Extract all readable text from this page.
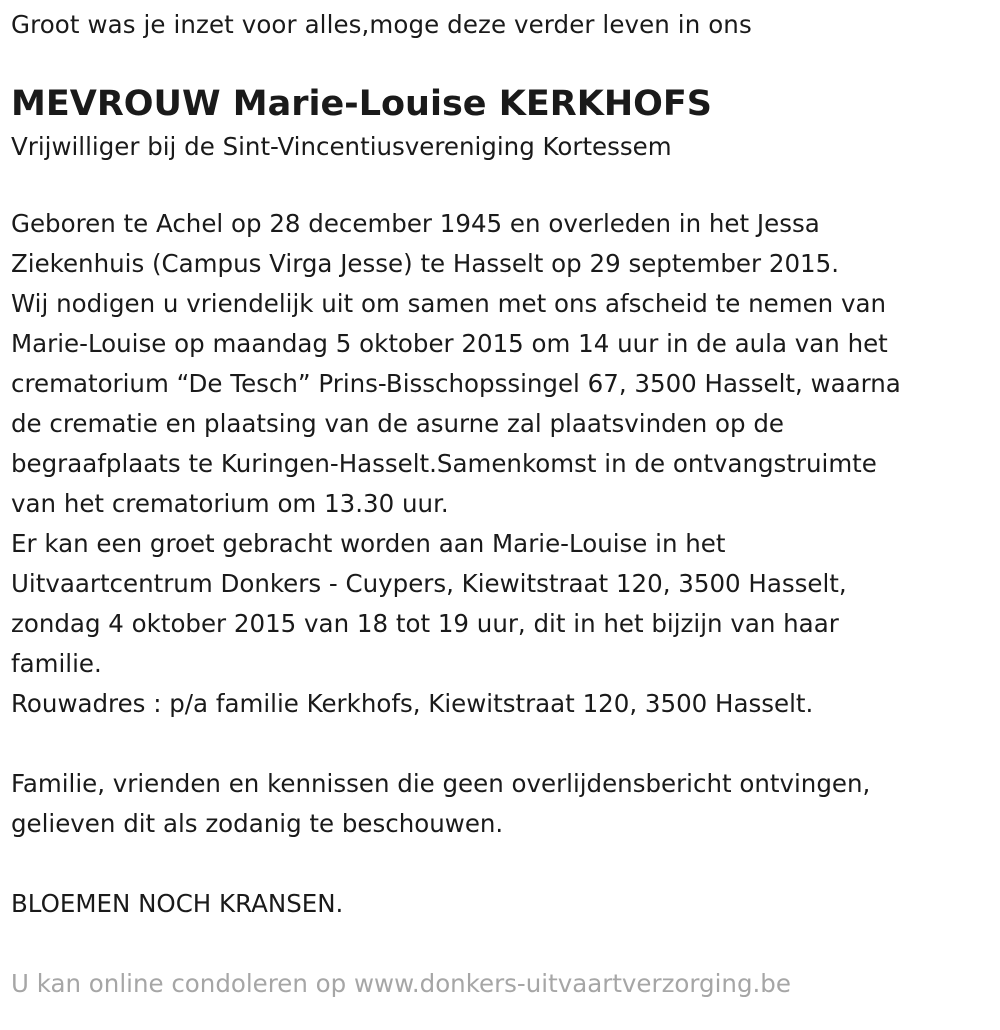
Groot was je inzet voor alles,moge deze verder leven in ons

MEVROUW Marie-Louise KERKHOFS

Vrijwilliger bij de Sint-Vincentiusvereniging Kortessem

Geboren te Achel op 28 december 1945 en overleden in het Jessa
Ziekenhuis (Campus Virga Jesse) te Hasselt op 29 september 2015.
Wij nodigen u vriendelijk uit om samen met ons afscheid te nemen van
Marie-Louise op maandag 5 oktober 2015 om 14 uur in de aula van het
crematorium “De Tesch” Prins-Bisschopssingel 67, 3500 Hasselt, waarna
de crematie en plaatsing van de asurne zal plaatsvinden op de
begraafplaats te Kuringen-Hasselt.Samenkomst in de ontvangstruimte
van het crematorium om 13.30 uur.
Er kan een groet gebracht worden aan Marie-Louise in het
Uitvaartcentrum Donkers - Cuypers, Kiewitstraat 120, 3500 Hasselt,
zondag 4 oktober 2015 van 18 tot 19 uur, dit in het bijzijn van haar
familie.
Rouwadres : p/a familie Kerkhofs, Kiewitstraat 120, 3500 Hasselt.

Familie, vrienden en kennissen die geen overlijdensbericht ontvingen,
gelieven dit als zodanig te beschouwen.

BLOEMEN NOCH KRANSEN.

U kan online condoleren op www.donkers-uitvaartverzorging.be
